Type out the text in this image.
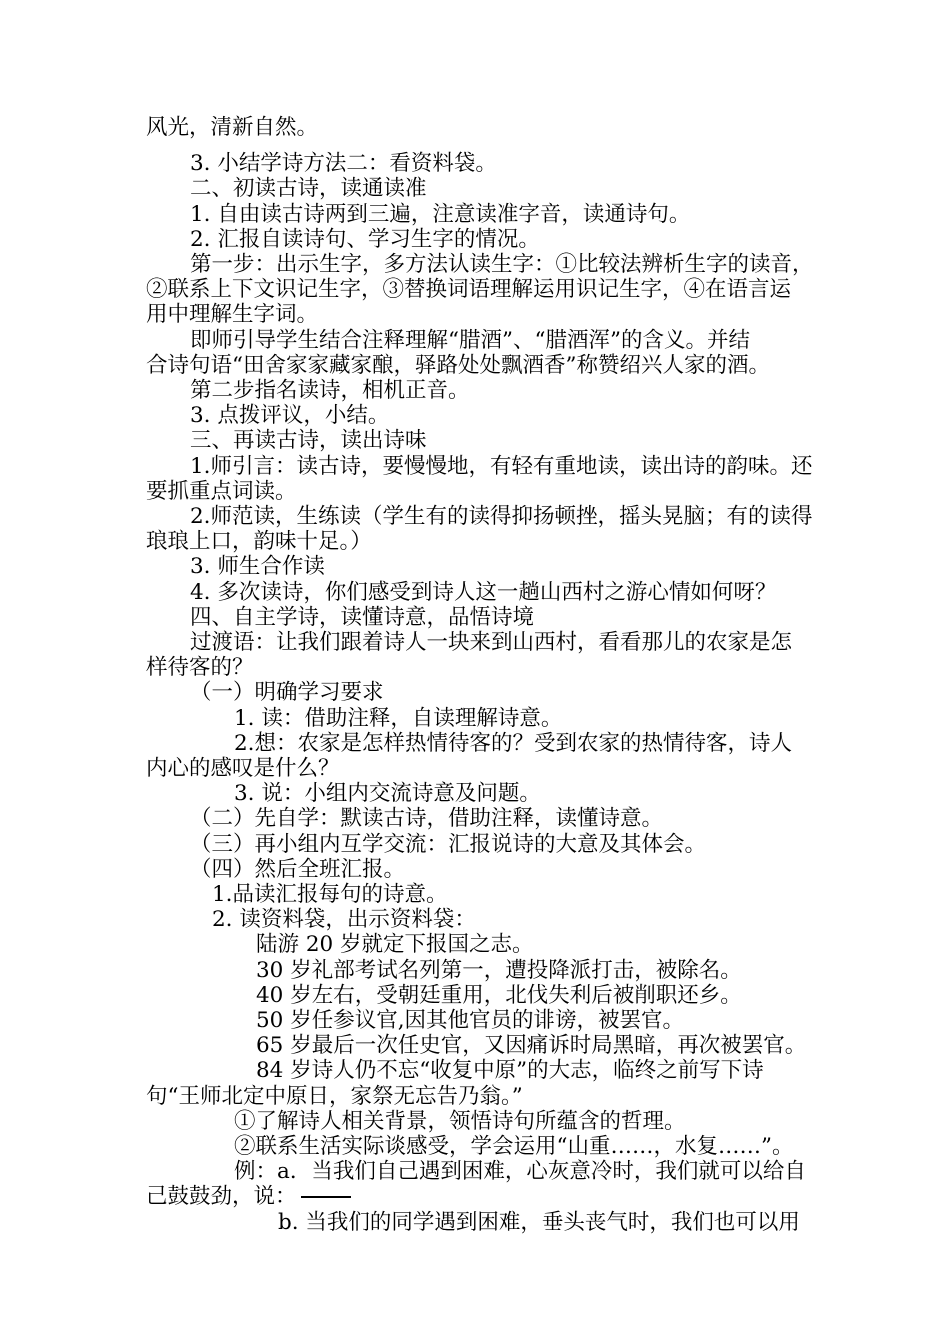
风光，清新自然。
3. 小结学诗方法二：看资料袋。
二、初读古诗，读通读准
1. 自由读古诗两到三遍，注意读准字音，读通诗句。
2. 汇报自读诗句、学习生字的情况。
第一步：出示生字，多方法认读生字：①比较法辨析生字的读音，
②联系上下文识记生字，③替换词语理解运用识记生字，④在语言运
用中理解生字词。
即师引导学生结合注释理解“腊酒”、“腊酒浑”的含义。并结
合诗句语“田舍家家藏家酿，驿路处处飘酒香”称赞绍兴人家的酒。
第二步指名读诗，相机正音。
3. 点拨评议，小结。
三、再读古诗，读出诗味
1.师引言：读古诗，要慢慢地，有轻有重地读，读出诗的韵味。还
要抓重点词读。
2.师范读，生练读（学生有的读得抑扬顿挫，摇头晃脑；有的读得
琅琅上口，韵味十足。）
3. 师生合作读
4. 多次读诗，你们感受到诗人这一趟山西村之游心情如何呀？
四、自主学诗，读懂诗意，品悟诗境
过渡语：让我们跟着诗人一块来到山西村，看看那儿的农家是怎
样待客的？
（一）明确学习要求
1. 读：借助注释，自读理解诗意。
2.想：农家是怎样热情待客的？受到农家的热情待客，诗人
内心的感叹是什么？
3. 说：小组内交流诗意及问题。
（二）先自学：默读古诗，借助注释，读懂诗意。
（三）再小组内互学交流：汇报说诗的大意及其体会。
（四）然后全班汇报。
1.品读汇报每句的诗意。
2. 读资料袋，出示资料袋：
陆游 20 岁就定下报国之志。
30 岁礼部考试名列第一，遭投降派打击，被除名。
40 岁左右，受朝廷重用，北伐失利后被削职还乡。
50 岁任参议官,因其他官员的诽谤，被罢官。
65 岁最后一次任史官，又因痛诉时局黑暗，再次被罢官。
84 岁诗人仍不忘“收复中原”的大志，临终之前写下诗
句“王师北定中原日，家祭无忘告乃翁。”
①了解诗人相关背景，领悟诗句所蕴含的哲理。
②联系生活实际谈感受，学会运用“山重……，水复……”。
例：a．当我们自己遇到困难，心灰意冷时，我们就可以给自
己鼓鼓劲，说：
b. 当我们的同学遇到困难，垂头丧气时，我们也可以用
